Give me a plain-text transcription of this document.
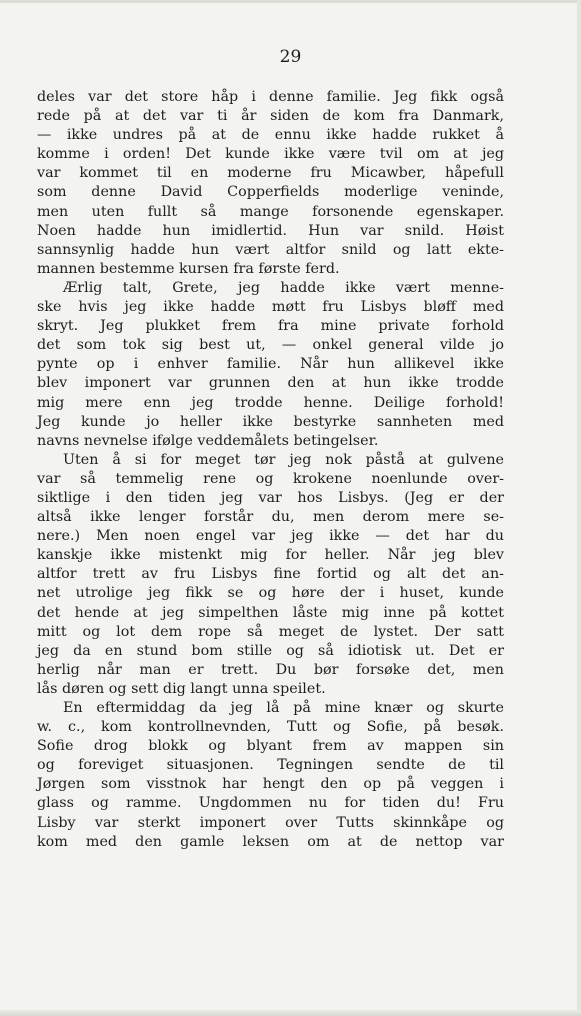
29
deles var det store håp i denne familie. Jeg fikk også
rede på at det var ti år siden de kom fra Danmark,
— ikke undres på at de ennu ikke hadde rukket å
komme i orden! Det kunde ikke være tvil om at jeg
var kommet til en moderne fru Micawber, håpefull
som denne David Copperfields moderlige veninde,
men uten fullt så mange forsonende egenskaper.
Noen hadde hun imidlertid. Hun var snild. Høist
sannsynlig hadde hun vært altfor snild og latt ekte-
mannen bestemme kursen fra første ferd.
Ærlig talt, Grete, jeg hadde ikke vært menne-
ske hvis jeg ikke hadde møtt fru Lisbys bløff med
skryt. Jeg plukket frem fra mine private forhold
det som tok sig best ut, — onkel general vilde jo
pynte op i enhver familie. Når hun allikevel ikke
blev imponert var grunnen den at hun ikke trodde
mig mere enn jeg trodde henne. Deilige forhold!
Jeg kunde jo heller ikke bestyrke sannheten med
navns nevnelse ifølge veddemålets betingelser.
Uten å si for meget tør jeg nok påstå at gulvene
var så temmelig rene og krokene noenlunde over-
siktlige i den tiden jeg var hos Lisbys. (Jeg er der
altså ikke lenger forstår du, men derom mere se-
nere.) Men noen engel var jeg ikke — det har du
kanskje ikke mistenkt mig for heller. Når jeg blev
altfor trett av fru Lisbys fine fortid og alt det an-
net utrolige jeg fikk se og høre der i huset, kunde
det hende at jeg simpelthen låste mig inne på kottet
mitt og lot dem rope så meget de lystet. Der satt
jeg da en stund bom stille og så idiotisk ut. Det er
herlig når man er trett. Du bør forsøke det, men
lås døren og sett dig langt unna speilet.
En eftermiddag da jeg lå på mine knær og skurte
w. c., kom kontrollnevnden, Tutt og Sofie, på besøk.
Sofie drog blokk og blyant frem av mappen sin
og foreviget situasjonen. Tegningen sendte de til
Jørgen som visstnok har hengt den op på veggen i
glass og ramme. Ungdommen nu for tiden du! Fru
Lisby var sterkt imponert over Tutts skinnkåpe og
kom med den gamle leksen om at de nettop var
